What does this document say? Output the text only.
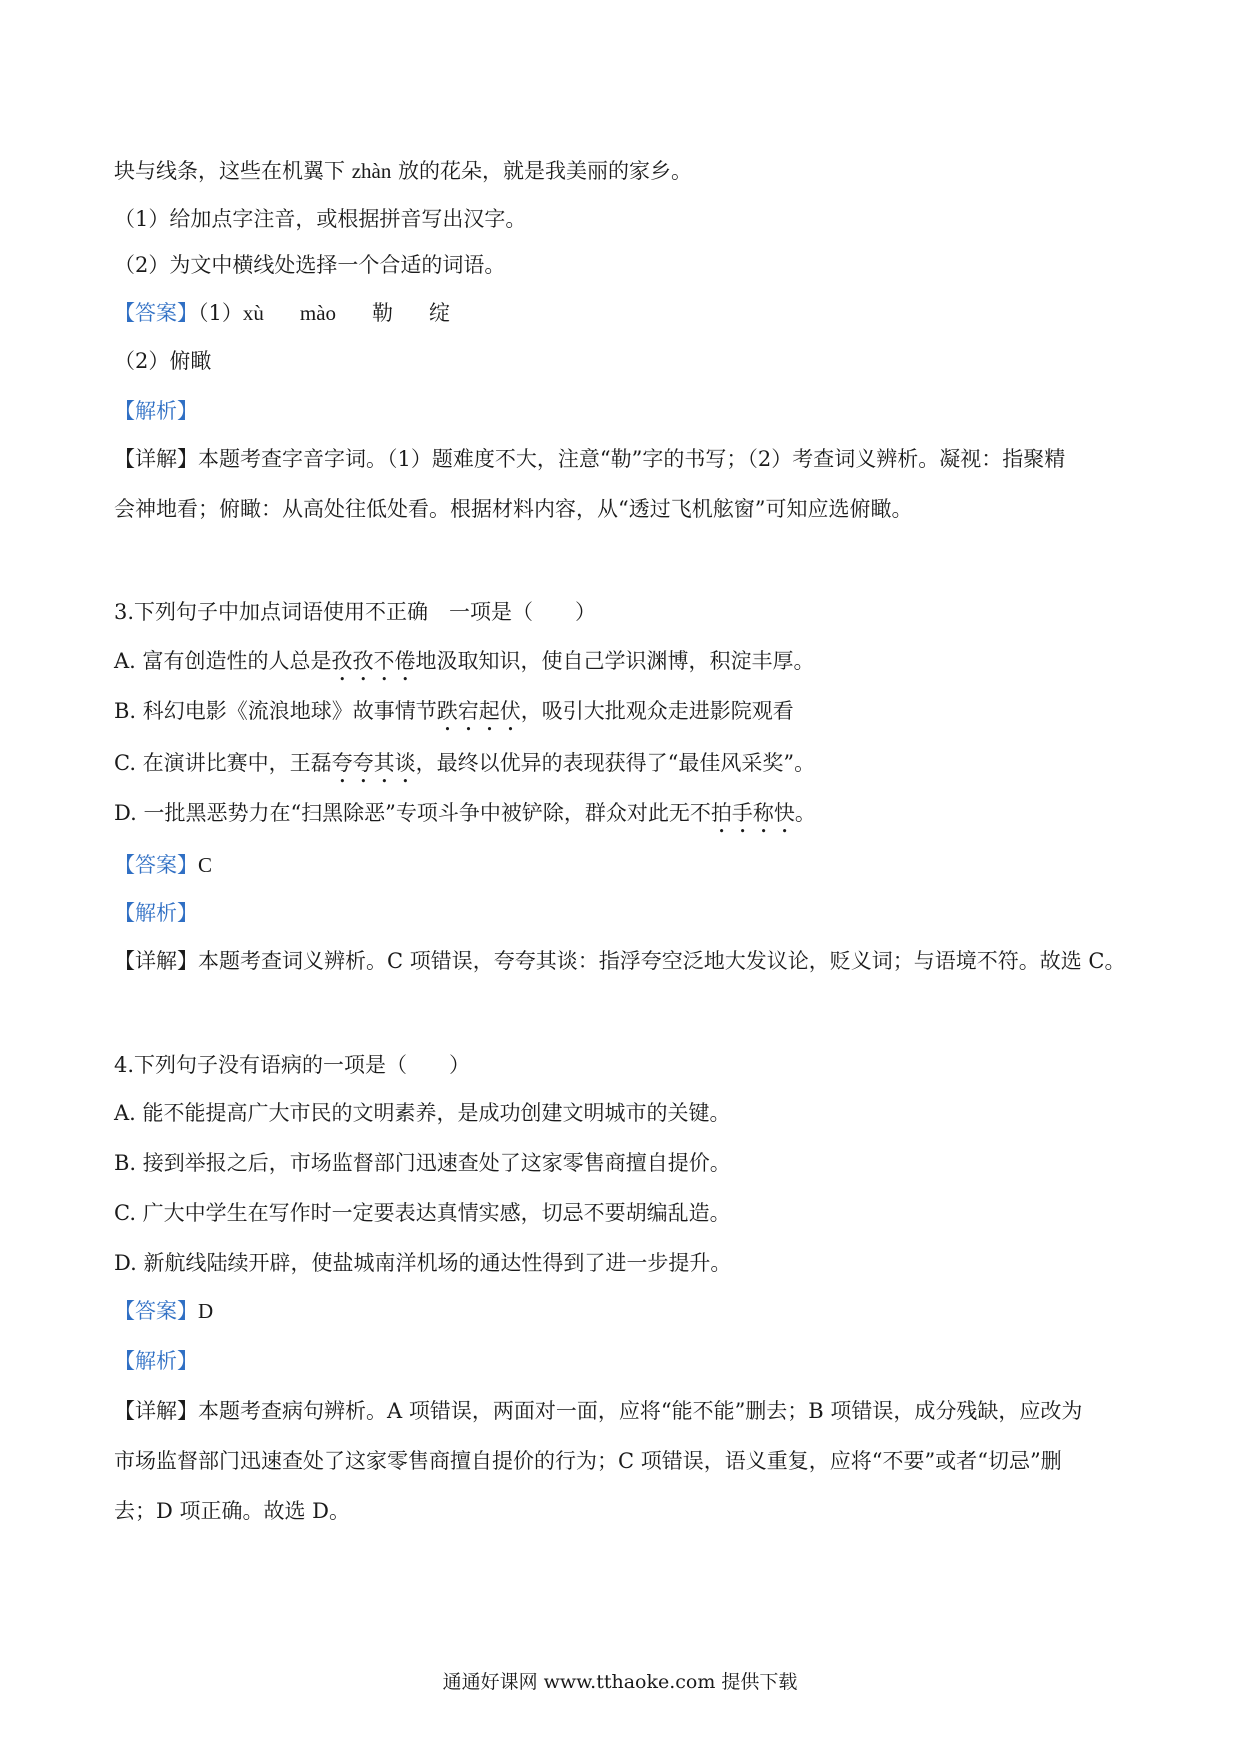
块与线条，这些在机翼下 zhàn 放的花朵，就是我美丽的家乡。
（1）给加点字注音，或根据拼音写出汉字。
（2）为文中横线处选择一个合适的词语。
【答案】（1）xù mào 勒 绽
（2）俯瞰
【解析】
【详解】本题考查字音字词。（1）题难度不大，注意“勒”字的书写；（2）考查词义辨析。凝视：指聚精
会神地看；俯瞰：从高处往低处看。根据材料内容，从“透过飞机舷窗”可知应选俯瞰。
3.下列句子中加点词语使用不正确　一项是（　　）
A. 富有创造性的人总是孜孜不倦地汲取知识，使自己学识渊博，积淀丰厚。
B. 科幻电影《流浪地球》故事情节跌宕起伏，吸引大批观众走进影院观看
C. 在演讲比赛中，王磊夸夸其谈，最终以优异的表现获得了“最佳风采奖”。
D. 一批黑恶势力在“扫黑除恶”专项斗争中被铲除，群众对此无不拍手称快。
【答案】C
【解析】
【详解】本题考查词义辨析。C 项错误，夸夸其谈：指浮夸空泛地大发议论，贬义词；与语境不符。故选 C。
4.下列句子没有语病的一项是（　　）
A. 能不能提高广大市民的文明素养，是成功创建文明城市的关键。
B. 接到举报之后，市场监督部门迅速查处了这家零售商擅自提价。
C. 广大中学生在写作时一定要表达真情实感，切忌不要胡编乱造。
D. 新航线陆续开辟，使盐城南洋机场的通达性得到了进一步提升。
【答案】D
【解析】
【详解】本题考查病句辨析。A 项错误，两面对一面，应将“能不能”删去；B 项错误，成分残缺，应改为
市场监督部门迅速查处了这家零售商擅自提价的行为；C 项错误，语义重复，应将“不要”或者“切忌”删
去；D 项正确。故选 D。
通通好课网 www.tthaoke.com 提供下载
